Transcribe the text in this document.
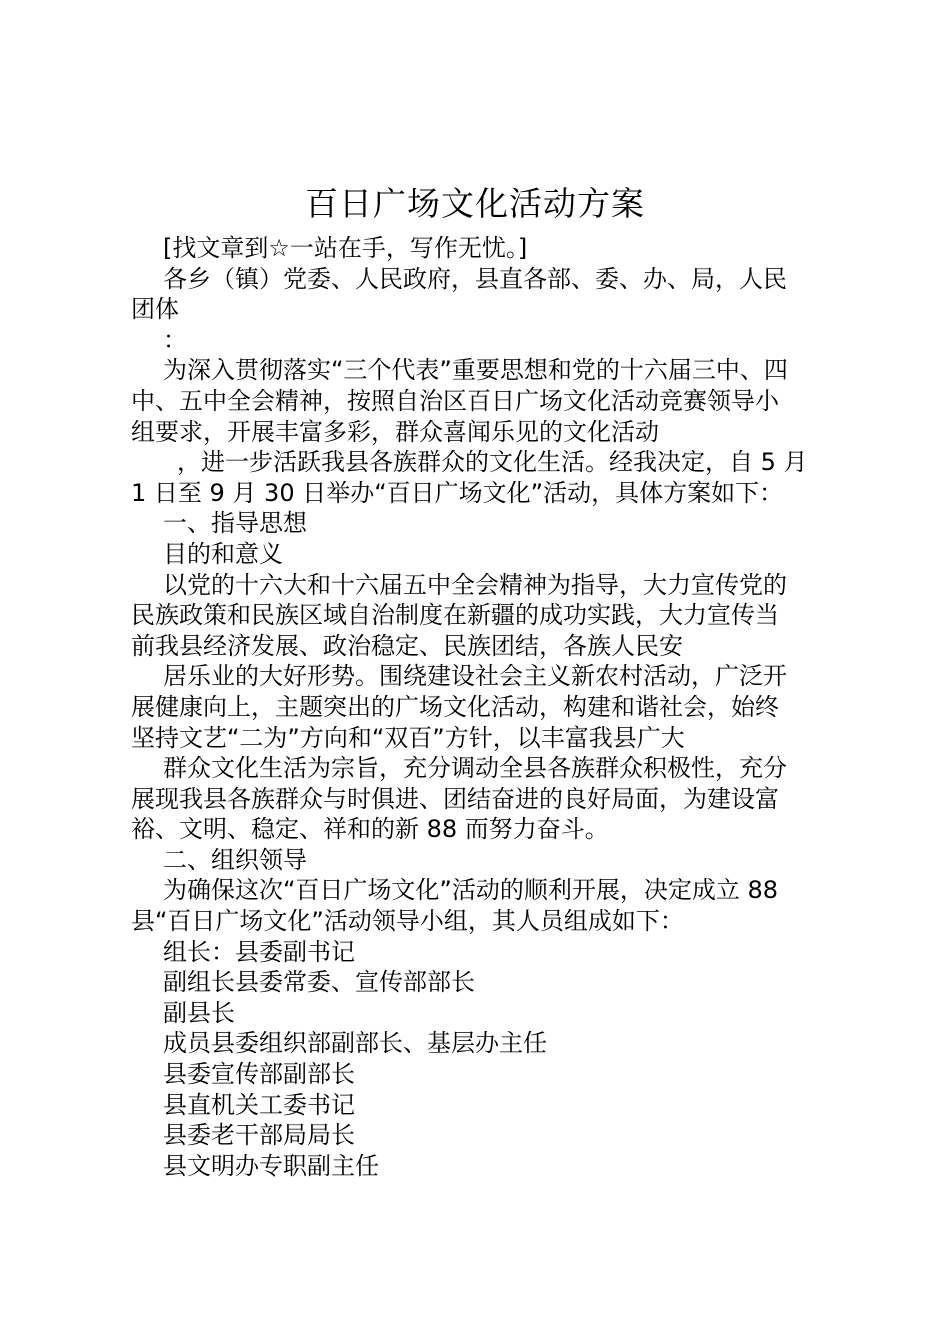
百日广场文化活动方案
[找文章到☆一站在手，写作无忧。]
各乡（镇）党委、人民政府，县直各部、委、办、局，人民
团体
：
为深入贯彻落实“三个代表”重要思想和党的十六届三中、四
中、五中全会精神，按照自治区百日广场文化活动竞赛领导小
组要求，开展丰富多彩，群众喜闻乐见的文化活动
，进一步活跃我县各族群众的文化生活。经我决定，自 5 月
1 日至 9 月 30 日举办“百日广场文化”活动，具体方案如下：
一、指导思想
目的和意义
以党的十六大和十六届五中全会精神为指导，大力宣传党的
民族政策和民族区域自治制度在新疆的成功实践，大力宣传当
前我县经济发展、政治稳定、民族团结，各族人民安
居乐业的大好形势。围绕建设社会主义新农村活动，广泛开
展健康向上，主题突出的广场文化活动，构建和谐社会，始终
坚持文艺“二为”方向和“双百”方针，以丰富我县广大
群众文化生活为宗旨，充分调动全县各族群众积极性，充分
展现我县各族群众与时俱进、团结奋进的良好局面，为建设富
裕、文明、稳定、祥和的新 88 而努力奋斗。
二、组织领导
为确保这次“百日广场文化”活动的顺利开展，决定成立 88
县“百日广场文化”活动领导小组，其人员组成如下：
组长：县委副书记
副组长县委常委、宣传部部长
副县长
成员县委组织部副部长、基层办主任
县委宣传部副部长
县直机关工委书记
县委老干部局局长
县文明办专职副主任
